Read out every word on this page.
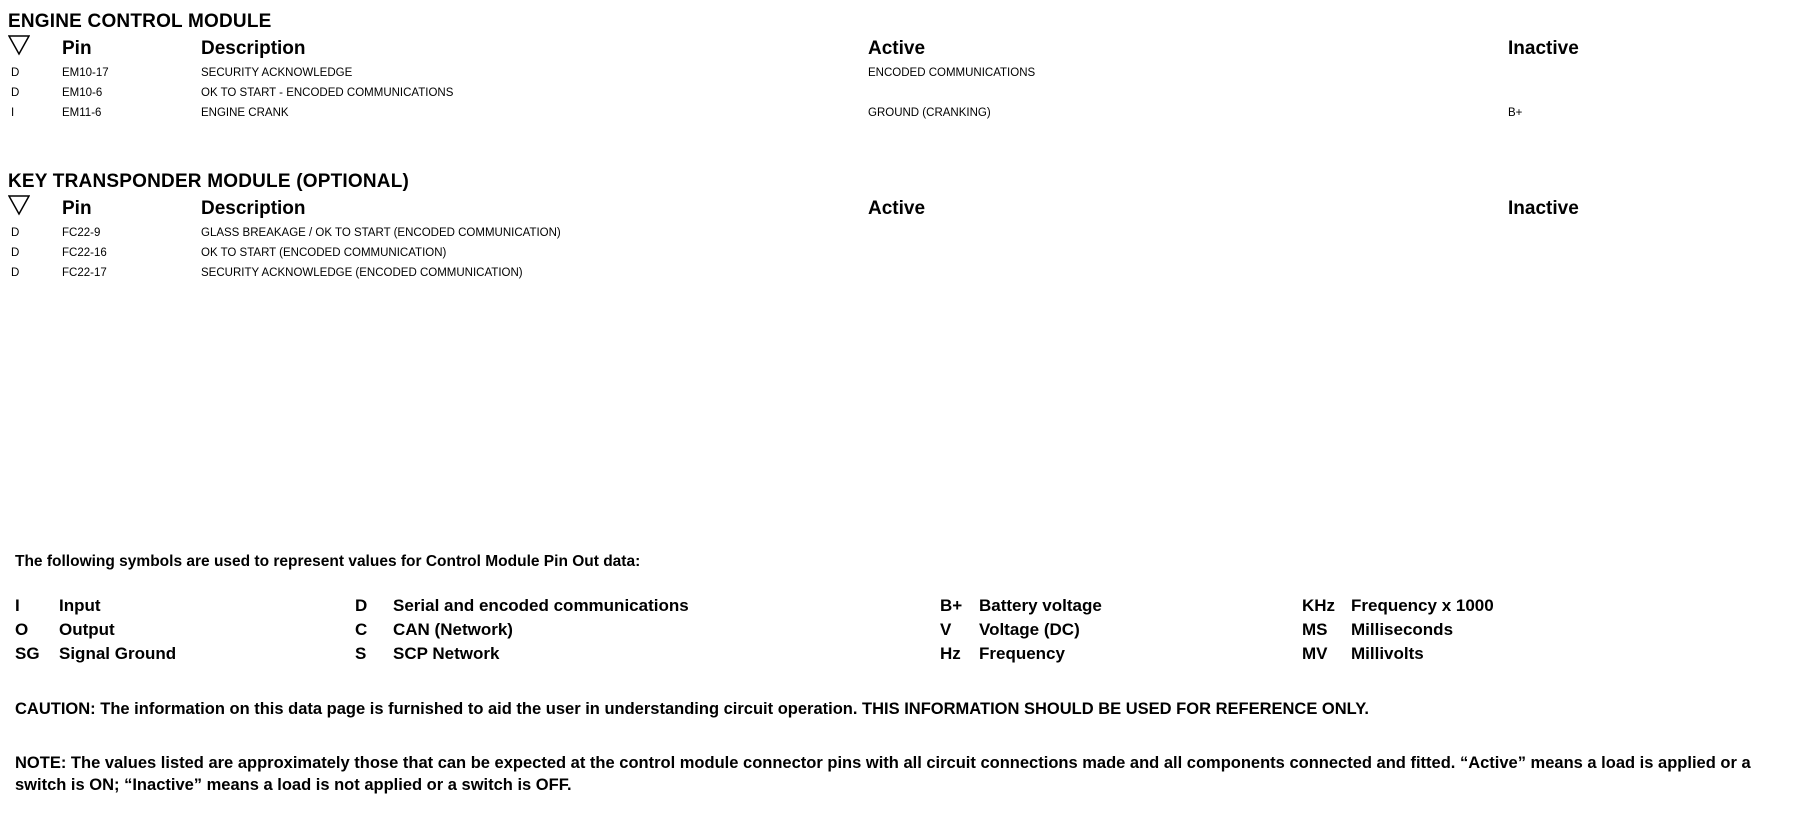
ENGINE CONTROL MODULE
Pin	Description	Active	Inactive
D	EM10-17	SECURITY ACKNOWLEDGE	ENCODED COMMUNICATIONS
D	EM10-6	OK TO START - ENCODED COMMUNICATIONS
I	EM11-6	ENGINE CRANK	GROUND (CRANKING)	B+
KEY TRANSPONDER MODULE (OPTIONAL)
Pin	Description	Active	Inactive
D	FC22-9	GLASS BREAKAGE / OK TO START (ENCODED COMMUNICATION)
D	FC22-16	OK TO START (ENCODED COMMUNICATION)
D	FC22-17	SECURITY ACKNOWLEDGE (ENCODED COMMUNICATION)
The following symbols are used to represent values for Control Module Pin Out data:
I Input	D Serial and encoded communications	B+ Battery voltage	KHz Frequency x 1000
O Output	C CAN (Network)	V Voltage (DC)	MS Milliseconds
SG Signal Ground	S SCP Network	Hz Frequency	MV Millivolts
CAUTION: The information on this data page is furnished to aid the user in understanding circuit operation. THIS INFORMATION SHOULD BE USED FOR REFERENCE ONLY.
NOTE: The values listed are approximately those that can be expected at the control module connector pins with all circuit connections made and all components connected and fitted. “Active” means a load is applied or a switch is ON; “Inactive” means a load is not applied or a switch is OFF.
